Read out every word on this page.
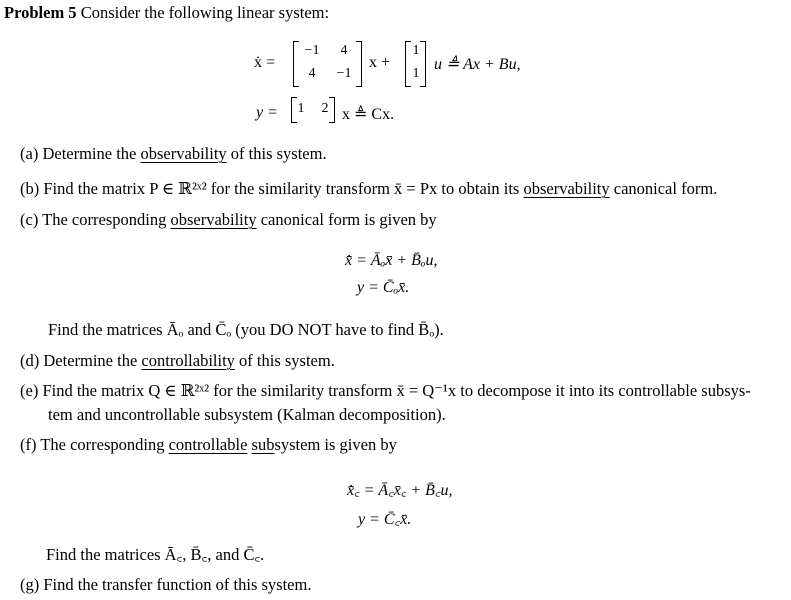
Problem 5 Consider the following linear system:
ẋ =
−1	4
4	−1
x +
1
1
u ≜ Ax + Bu,
y = 1 2 x ≜ Cx.
(a) Determine the observability of this system.
(b) Find the matrix P ∈ ℝ²ˣ² for the similarity transform x̄ = Px to obtain its observability canonical form.
(c) The corresponding observability canonical form is given by
x̄̇ = Āₒx̄ + B̄ₒu,
y = C̄ₒx̄.
Find the matrices Āₒ and C̄ₒ (you DO NOT have to find B̄ₒ).
(d) Determine the controllability of this system.
(e) Find the matrix Q ∈ ℝ²ˣ² for the similarity transform x̄ = Q⁻¹x to decompose it into its controllable subsys-
tem and uncontrollable subsystem (Kalman decomposition).
(f) The corresponding controllable subsystem is given by
x̄̇꜀ = Ā꜀x̄꜀ + B̄꜀u,
y = C̄꜀x̄.
Find the matrices Ā꜀, B̄꜀, and C̄꜀.
(g) Find the transfer function of this system.
